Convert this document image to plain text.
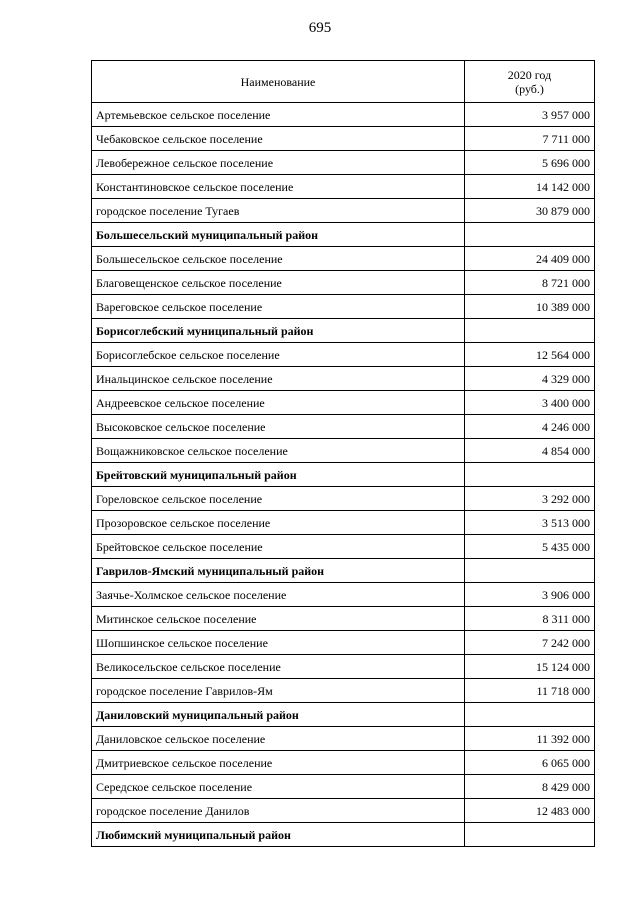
695
Наименование	2020 год
(руб.)

Артемьевское сельское поселение	3 957 000
Чебаковское сельское поселение	7 711 000
Левобережное сельское поселение	5 696 000
Константиновское сельское поселение	14 142 000
городское поселение Тугаев	30 879 000
Большесельский муниципальный район	
Большесельское сельское поселение	24 409 000
Благовещенское сельское поселение	8 721 000
Вареговское сельское поселение	10 389 000
Борисоглебский муниципальный район	
Борисоглебское сельское поселение	12 564 000
Инальцинское сельское поселение	4 329 000
Андреевское сельское поселение	3 400 000
Высоковское сельское поселение	4 246 000
Вощажниковское сельское поселение	4 854 000
Брейтовский муниципальный район	
Гореловское сельское поселение	3 292 000
Прозоровское сельское поселение	3 513 000
Брейтовское сельское поселение	5 435 000
Гаврилов-Ямский муниципальный район	
Заячье-Холмское сельское поселение	3 906 000
Митинское сельское поселение	8 311 000
Шопшинское сельское поселение	7 242 000
Великосельское сельское поселение	15 124 000
городское поселение Гаврилов-Ям	11 718 000
Даниловский муниципальный район	
Даниловское сельское поселение	11 392 000
Дмитриевское сельское поселение	6 065 000
Середское сельское поселение	8 429 000
городское поселение Данилов	12 483 000
Любимский муниципальный район	
